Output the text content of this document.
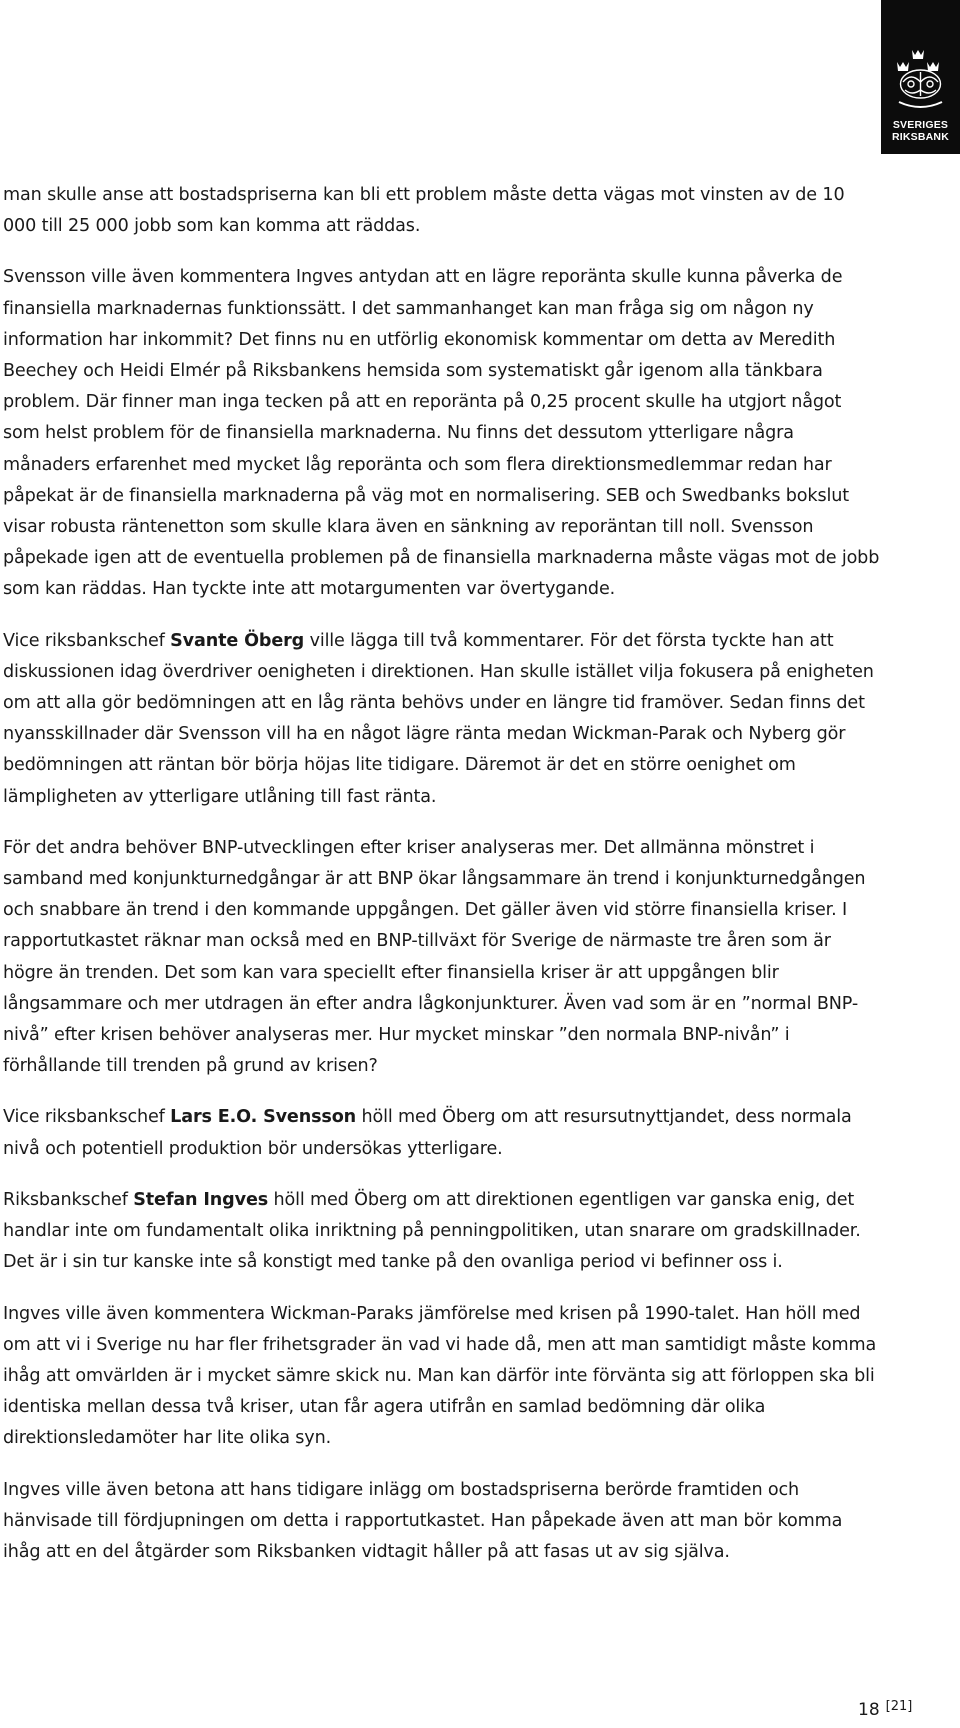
SVERIGES
RIKSBANK

man skulle anse att bostadspriserna kan bli ett problem måste detta vägas mot vinsten av de 10 000 till 25 000 jobb som kan komma att räddas.

Svensson ville även kommentera Ingves antydan att en lägre reporänta skulle kunna påverka de finansiella marknadernas funktionssätt. I det sammanhanget kan man fråga sig om någon ny information har inkommit? Det finns nu en utförlig ekonomisk kommentar om detta av Meredith Beechey och Heidi Elmér på Riksbankens hemsida som systematiskt går igenom alla tänkbara problem. Där finner man inga tecken på att en reporänta på 0,25 procent skulle ha utgjort något som helst problem för de finansiella marknaderna. Nu finns det dessutom ytterligare några månaders erfarenhet med mycket låg reporänta och som flera direktionsmedlemmar redan har påpekat är de finansiella marknaderna på väg mot en normalisering. SEB och Swedbanks bokslut visar robusta räntenetton som skulle klara även en sänkning av reporäntan till noll. Svensson påpekade igen att de eventuella problemen på de finansiella marknaderna måste vägas mot de jobb som kan räddas. Han tyckte inte att motargumenten var övertygande.

Vice riksbankschef Svante Öberg ville lägga till två kommentarer. För det första tyckte han att diskussionen idag överdriver oenigheten i direktionen. Han skulle istället vilja fokusera på enigheten om att alla gör bedömningen att en låg ränta behövs under en längre tid framöver. Sedan finns det nyansskillnader där Svensson vill ha en något lägre ränta medan Wickman-Parak och Nyberg gör bedömningen att räntan bör börja höjas lite tidigare. Däremot är det en större oenighet om lämpligheten av ytterligare utlåning till fast ränta.

För det andra behöver BNP-utvecklingen efter kriser analyseras mer. Det allmänna mönstret i samband med konjunkturnedgångar är att BNP ökar långsammare än trend i konjunkturnedgången och snabbare än trend i den kommande uppgången. Det gäller även vid större finansiella kriser. I rapportutkastet räknar man också med en BNP-tillväxt för Sverige de närmaste tre åren som är högre än trenden. Det som kan vara speciellt efter finansiella kriser är att uppgången blir långsammare och mer utdragen än efter andra lågkonjunkturer. Även vad som är en ”normal BNP-nivå” efter krisen behöver analyseras mer. Hur mycket minskar ”den normala BNP-nivån” i förhållande till trenden på grund av krisen?

Vice riksbankschef Lars E.O. Svensson höll med Öberg om att resursutnyttjandet, dess normala nivå och potentiell produktion bör undersökas ytterligare.

Riksbankschef Stefan Ingves höll med Öberg om att direktionen egentligen var ganska enig, det handlar inte om fundamentalt olika inriktning på penningpolitiken, utan snarare om gradskillnader. Det är i sin tur kanske inte så konstigt med tanke på den ovanliga period vi befinner oss i.

Ingves ville även kommentera Wickman-Paraks jämförelse med krisen på 1990-talet. Han höll med om att vi i Sverige nu har fler frihetsgrader än vad vi hade då, men att man samtidigt måste komma ihåg att omvärlden är i mycket sämre skick nu. Man kan därför inte förvänta sig att förloppen ska bli identiska mellan dessa två kriser, utan får agera utifrån en samlad bedömning där olika direktionsledamöter har lite olika syn.

Ingves ville även betona att hans tidigare inlägg om bostadspriserna berörde framtiden och hänvisade till fördjupningen om detta i rapportutkastet. Han påpekade även att man bör komma ihåg att en del åtgärder som Riksbanken vidtagit håller på att fasas ut av sig själva.

18 [21]
